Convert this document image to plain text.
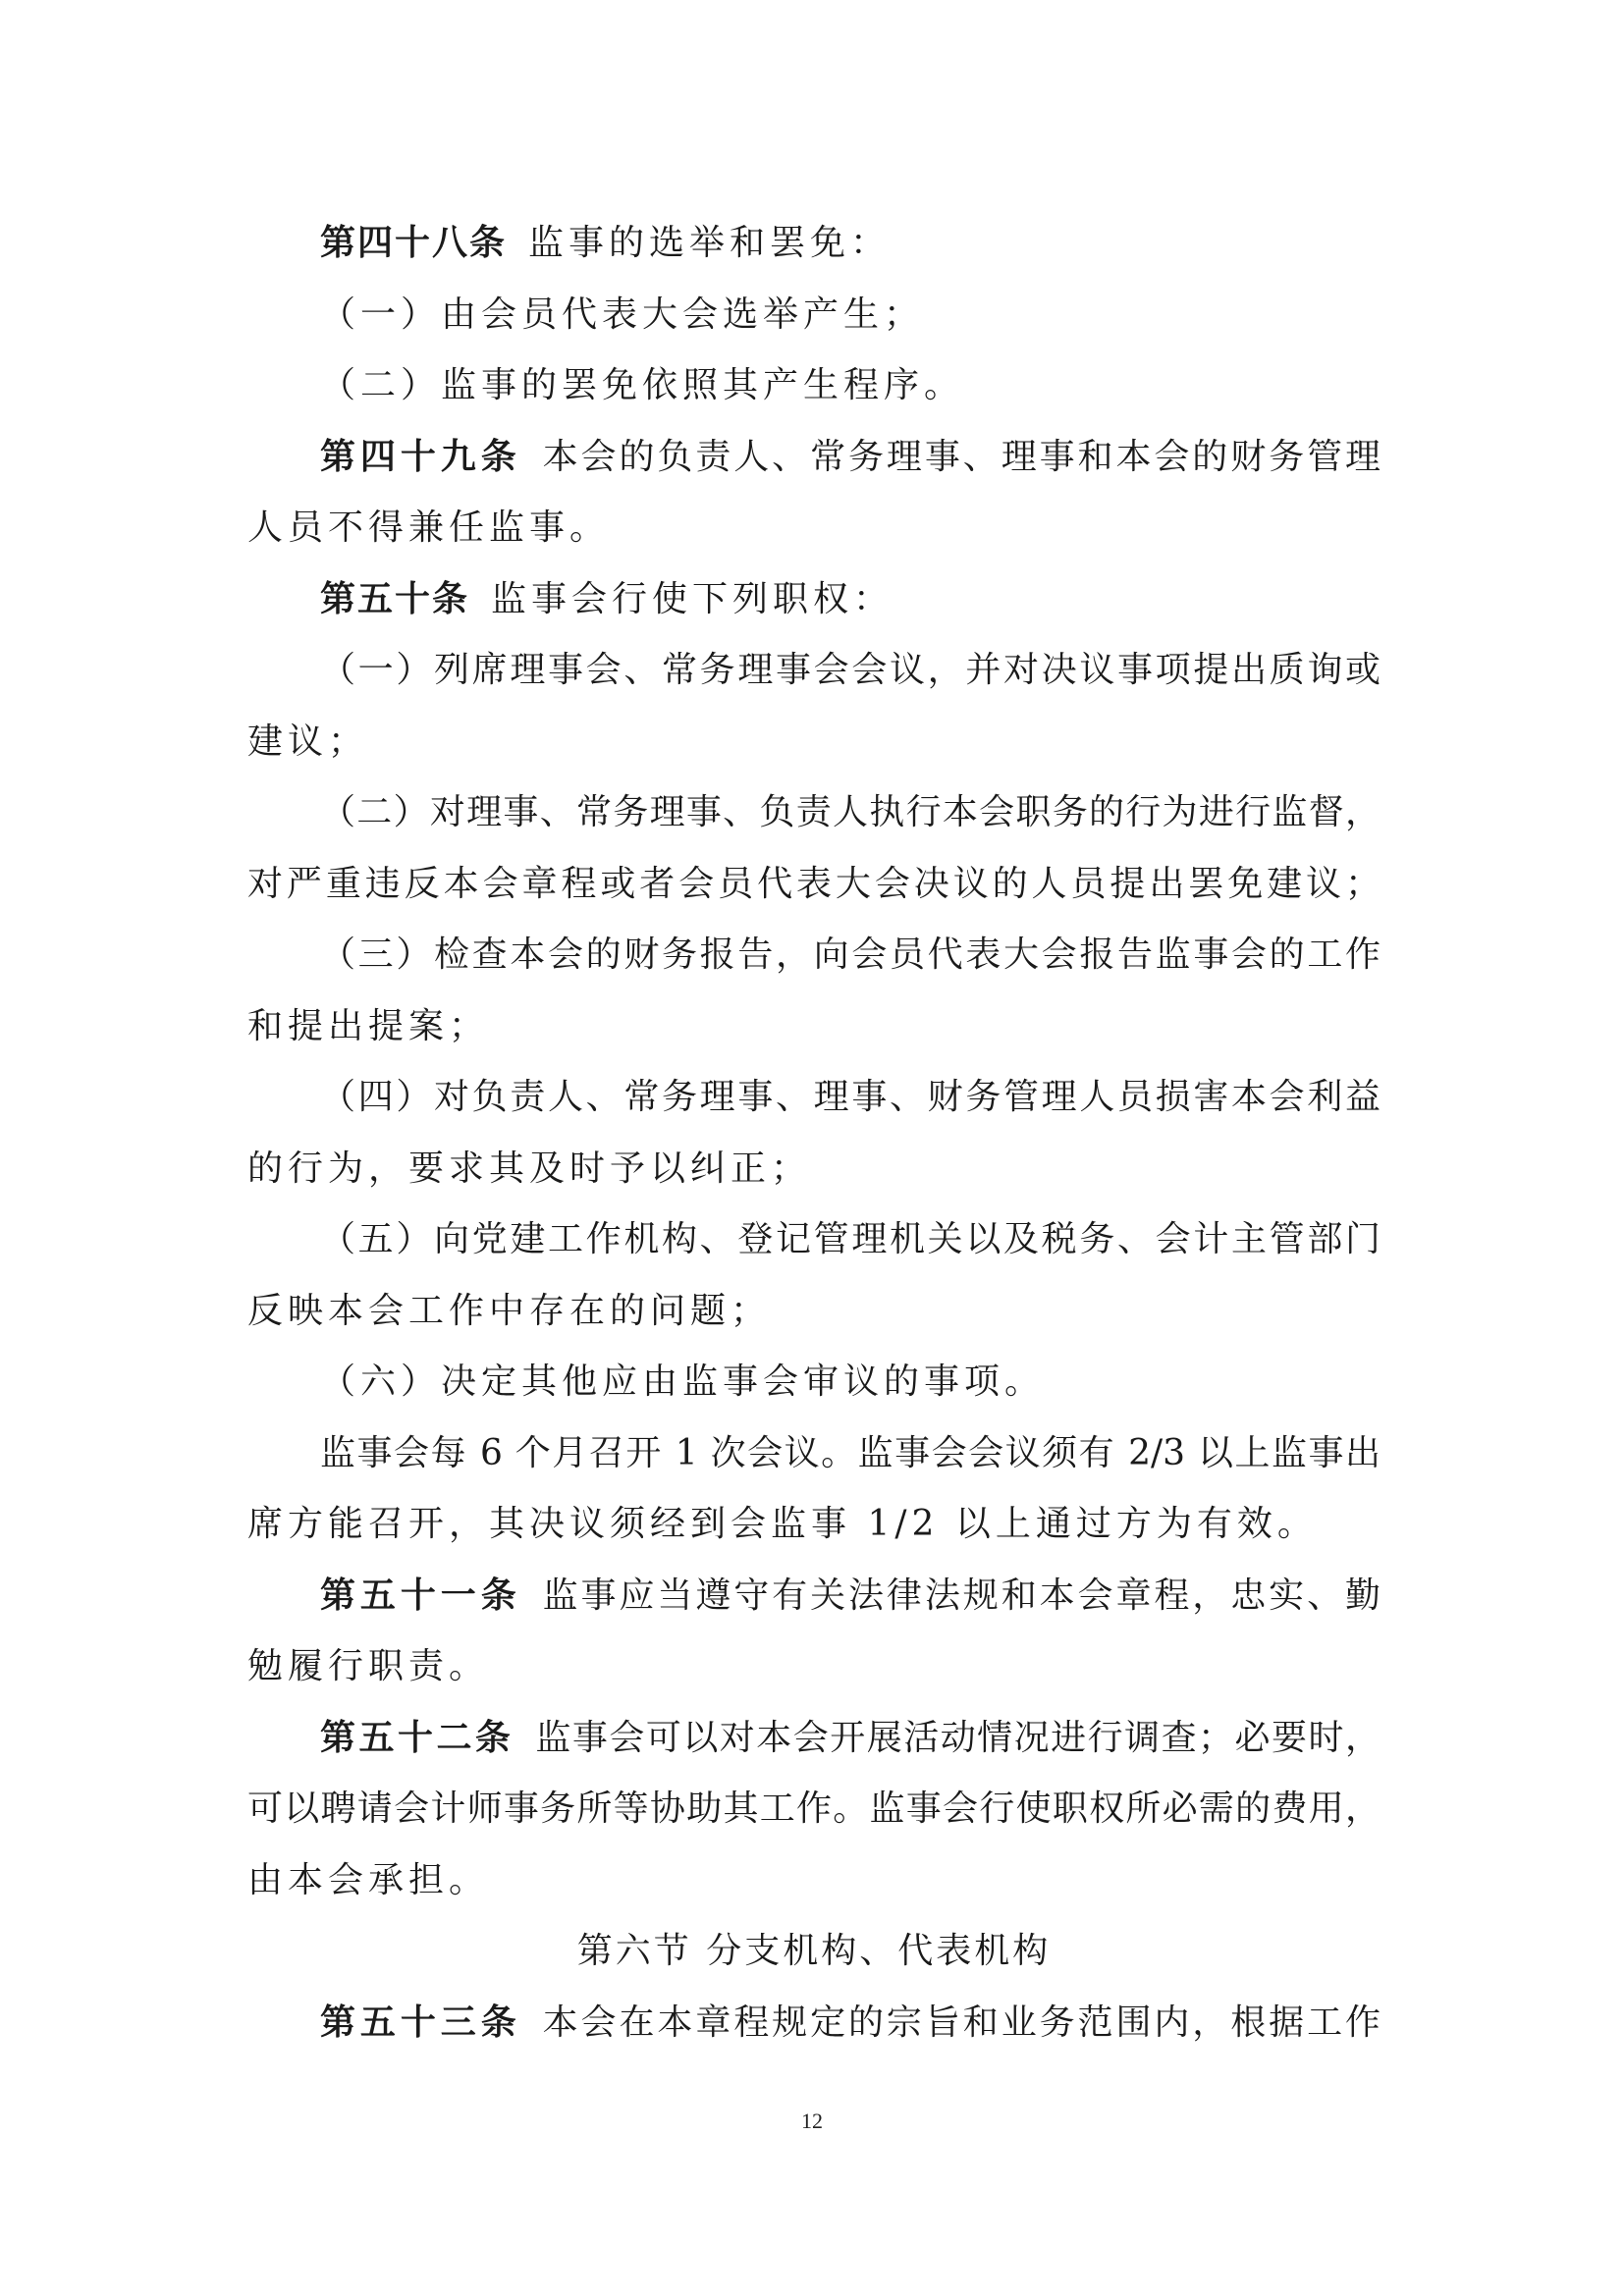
第四十八条 监事的选举和罢免：
（一）由会员代表大会选举产生；
（二）监事的罢免依照其产生程序。
第四十九条 本会的负责人、常务理事、理事和本会的财务管理
人员不得兼任监事。
第五十条 监事会行使下列职权：
（一）列席理事会、常务理事会会议，并对决议事项提出质询或
建议；
（二）对理事、常务理事、负责人执行本会职务的行为进行监督，
对严重违反本会章程或者会员代表大会决议的人员提出罢免建议；
（三）检查本会的财务报告，向会员代表大会报告监事会的工作
和提出提案；
（四）对负责人、常务理事、理事、财务管理人员损害本会利益
的行为，要求其及时予以纠正；
（五）向党建工作机构、登记管理机关以及税务、会计主管部门
反映本会工作中存在的问题；
（六）决定其他应由监事会审议的事项。
监事会每 6 个月召开 1 次会议。监事会会议须有 2/3 以上监事出
席方能召开，其决议须经到会监事 1/2 以上通过方为有效。
第五十一条 监事应当遵守有关法律法规和本会章程，忠实、勤
勉履行职责。
第五十二条 监事会可以对本会开展活动情况进行调查；必要时，
可以聘请会计师事务所等协助其工作。监事会行使职权所必需的费用，
由本会承担。
第六节 分支机构、代表机构
第五十三条 本会在本章程规定的宗旨和业务范围内，根据工作
12
